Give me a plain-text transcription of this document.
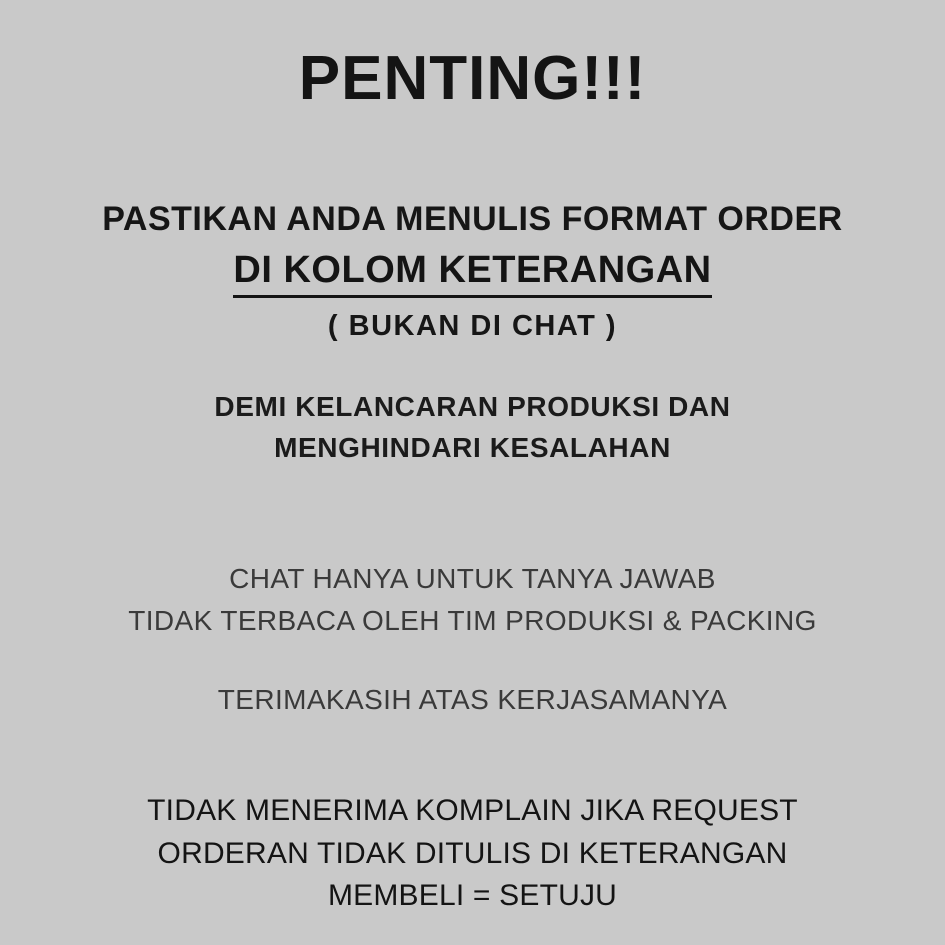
PENTING!!!
PASTIKAN ANDA MENULIS FORMAT ORDER
DI KOLOM KETERANGAN
( BUKAN DI CHAT )
DEMI KELANCARAN PRODUKSI DAN
MENGHINDARI KESALAHAN
CHAT HANYA UNTUK TANYA JAWAB
TIDAK TERBACA OLEH TIM PRODUKSI & PACKING
TERIMAKASIH ATAS KERJASAMANYA
TIDAK MENERIMA KOMPLAIN JIKA REQUEST
ORDERAN TIDAK DITULIS DI KETERANGAN
MEMBELI = SETUJU
